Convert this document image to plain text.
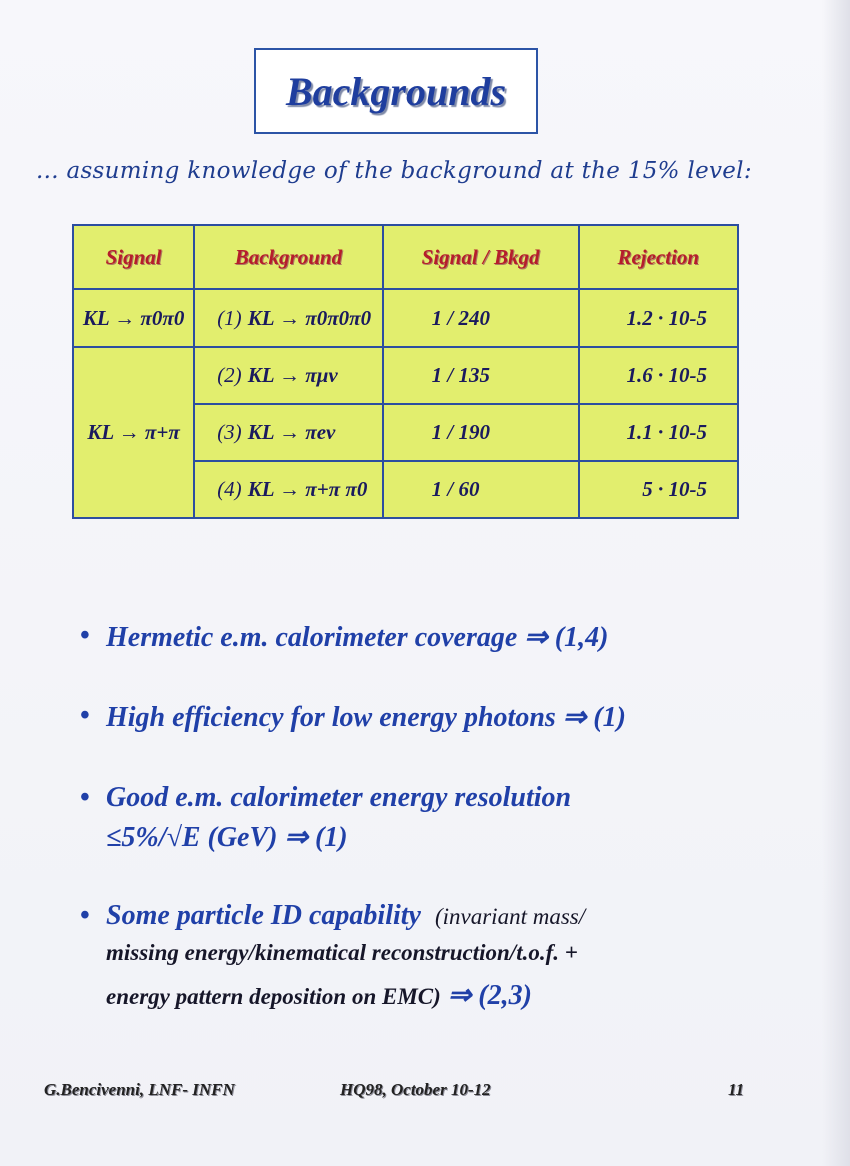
Backgrounds
... assuming knowledge of the background at the 15% level:
Signal	Background	Signal / Bkgd	Rejection
KL → π0π0	(1) KL → π0π0π0	1 / 240	1.2 · 10-5
KL → π+π	(2) KL → πμν	1 / 135	1.6 · 10-5
	(3) KL → πeν	1 / 190	1.1 · 10-5
	(4) KL → π+π π0	1 / 60	5 · 10-5
• Hermetic e.m. calorimeter coverage ⇒ (1,4)
• High efficiency for low energy photons ⇒ (1)
• Good e.m. calorimeter energy resolution
≤5%/√E (GeV) ⇒ (1)
• Some particle ID capability (invariant mass/
missing energy/kinematical reconstruction/t.o.f. +
energy pattern deposition on EMC) ⇒ (2,3)
G.Bencivenni, LNF- INFN	HQ98, October 10-12	11
